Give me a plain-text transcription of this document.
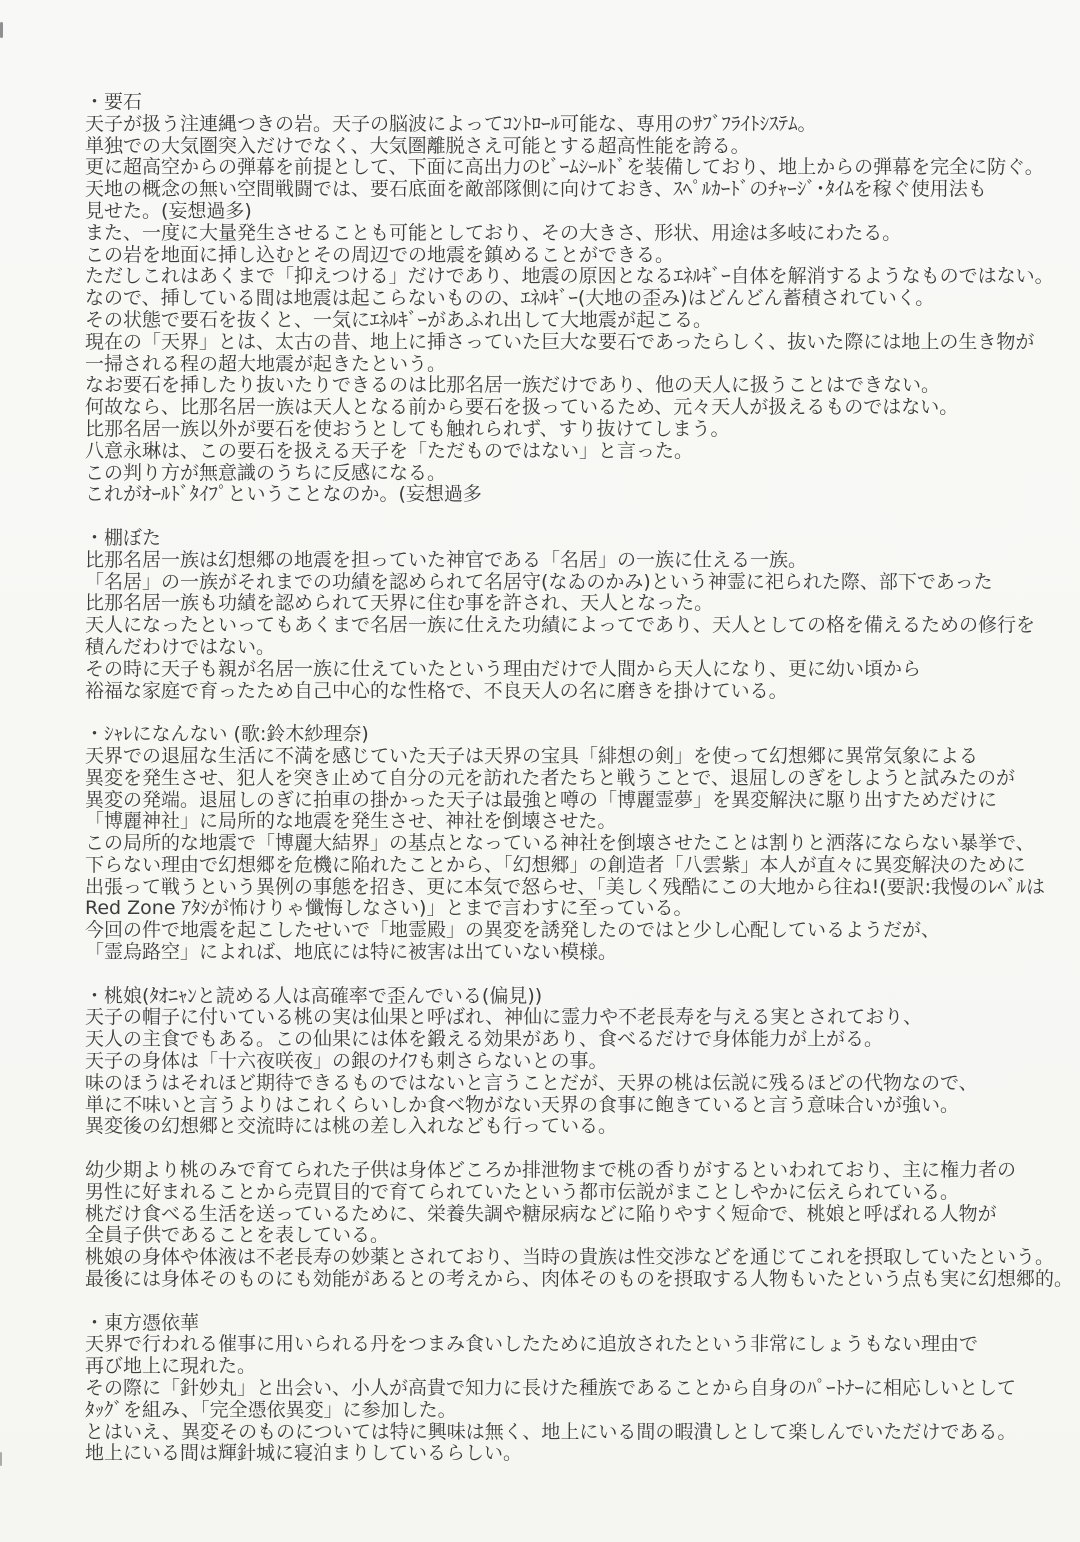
・要石
天子が扱う注連縄つきの岩。天子の脳波によってｺﾝﾄﾛｰﾙ可能な、専用のｻﾌﾞﾌﾗｲﾄｼｽﾃﾑ。
単独での大気圏突入だけでなく、大気圏離脱さえ可能とする超高性能を誇る。
更に超高空からの弾幕を前提として、下面に高出力のﾋﾞｰﾑｼｰﾙﾄﾞを装備しており、地上からの弾幕を完全に防ぐ。
天地の概念の無い空間戦闘では、要石底面を敵部隊側に向けておき、ｽﾍﾟﾙｶｰﾄﾞのﾁｬｰｼﾞ･ﾀｲﾑを稼ぐ使用法も
見せた。(妄想過多)
また、一度に大量発生させることも可能としており、その大きさ、形状、用途は多岐にわたる。
この岩を地面に挿し込むとその周辺での地震を鎮めることができる。
ただしこれはあくまで「抑えつける」だけであり、地震の原因となるｴﾈﾙｷﾞｰ自体を解消するようなものではない。
なので、挿している間は地震は起こらないものの、ｴﾈﾙｷﾞｰ(大地の歪み)はどんどん蓄積されていく。
その状態で要石を抜くと、一気にｴﾈﾙｷﾞｰがあふれ出して大地震が起こる。
現在の「天界」とは、太古の昔、地上に挿さっていた巨大な要石であったらしく、抜いた際には地上の生き物が
一掃される程の超大地震が起きたという。
なお要石を挿したり抜いたりできるのは比那名居一族だけであり、他の天人に扱うことはできない。
何故なら、比那名居一族は天人となる前から要石を扱っているため、元々天人が扱えるものではない。
比那名居一族以外が要石を使おうとしても触れられず、すり抜けてしまう。
八意永琳は、この要石を扱える天子を「ただものではない」と言った。
この判り方が無意識のうちに反感になる。
これがｵｰﾙﾄﾞﾀｲﾌﾟということなのか。(妄想過多
・棚ぼた
比那名居一族は幻想郷の地震を担っていた神官である「名居」の一族に仕える一族。
「名居」の一族がそれまでの功績を認められて名居守(なゐのかみ)という神霊に祀られた際、部下であった
比那名居一族も功績を認められて天界に住む事を許され、天人となった。
天人になったといってもあくまで名居一族に仕えた功績によってであり、天人としての格を備えるための修行を
積んだわけではない。
その時に天子も親が名居一族に仕えていたという理由だけで人間から天人になり、更に幼い頃から
裕福な家庭で育ったため自己中心的な性格で、不良天人の名に磨きを掛けている。
・ｼｬﾚになんない (歌:鈴木紗理奈)
天界での退屈な生活に不満を感じていた天子は天界の宝具「緋想の剣」を使って幻想郷に異常気象による
異変を発生させ、犯人を突き止めて自分の元を訪れた者たちと戦うことで、退屈しのぎをしようと試みたのが
異変の発端。退屈しのぎに拍車の掛かった天子は最強と噂の「博麗霊夢」を異変解決に駆り出すためだけに
「博麗神社」に局所的な地震を発生させ、神社を倒壊させた。
この局所的な地震で「博麗大結界」の基点となっている神社を倒壊させたことは割りと洒落にならない暴挙で、
下らない理由で幻想郷を危機に陥れたことから、「幻想郷」の創造者「八雲紫」本人が直々に異変解決のために
出張って戦うという異例の事態を招き、更に本気で怒らせ、「美しく残酷にこの大地から往ね!(要訳:我慢のﾚﾍﾞﾙは
Red Zone ｱﾀｼが怖けりゃ懺悔しなさい)」とまで言わすに至っている。
今回の件で地震を起こしたせいで「地霊殿」の異変を誘発したのではと少し心配しているようだが、
「霊烏路空」によれば、地底には特に被害は出ていない模様。
・桃娘(ﾀｵﾆｬﾝと読める人は高確率で歪んでいる(偏見))
天子の帽子に付いている桃の実は仙果と呼ばれ、神仙に霊力や不老長寿を与える実とされており、
天人の主食でもある。この仙果には体を鍛える効果があり、食べるだけで身体能力が上がる。
天子の身体は「十六夜咲夜」の銀のﾅｲﾌも刺さらないとの事。
味のほうはそれほど期待できるものではないと言うことだが、天界の桃は伝説に残るほどの代物なので、
単に不味いと言うよりはこれくらいしか食べ物がない天界の食事に飽きていると言う意味合いが強い。
異変後の幻想郷と交流時には桃の差し入れなども行っている。
幼少期より桃のみで育てられた子供は身体どころか排泄物まで桃の香りがするといわれており、主に権力者の
男性に好まれることから売買目的で育てられていたという都市伝説がまことしやかに伝えられている。
桃だけ食べる生活を送っているために、栄養失調や糖尿病などに陥りやすく短命で、桃娘と呼ばれる人物が
全員子供であることを表している。
桃娘の身体や体液は不老長寿の妙薬とされており、当時の貴族は性交渉などを通じてこれを摂取していたという。
最後には身体そのものにも効能があるとの考えから、肉体そのものを摂取する人物もいたという点も実に幻想郷的。
・東方憑依華
天界で行われる催事に用いられる丹をつまみ食いしたために追放されたという非常にしょうもない理由で
再び地上に現れた。
その際に「針妙丸」と出会い、小人が高貴で知力に長けた種族であることから自身のﾊﾟｰﾄﾅｰに相応しいとして
ﾀｯｸﾞを組み、「完全憑依異変」に参加した。
とはいえ、異変そのものについては特に興味は無く、地上にいる間の暇潰しとして楽しんでいただけである。
地上にいる間は輝針城に寝泊まりしているらしい。
